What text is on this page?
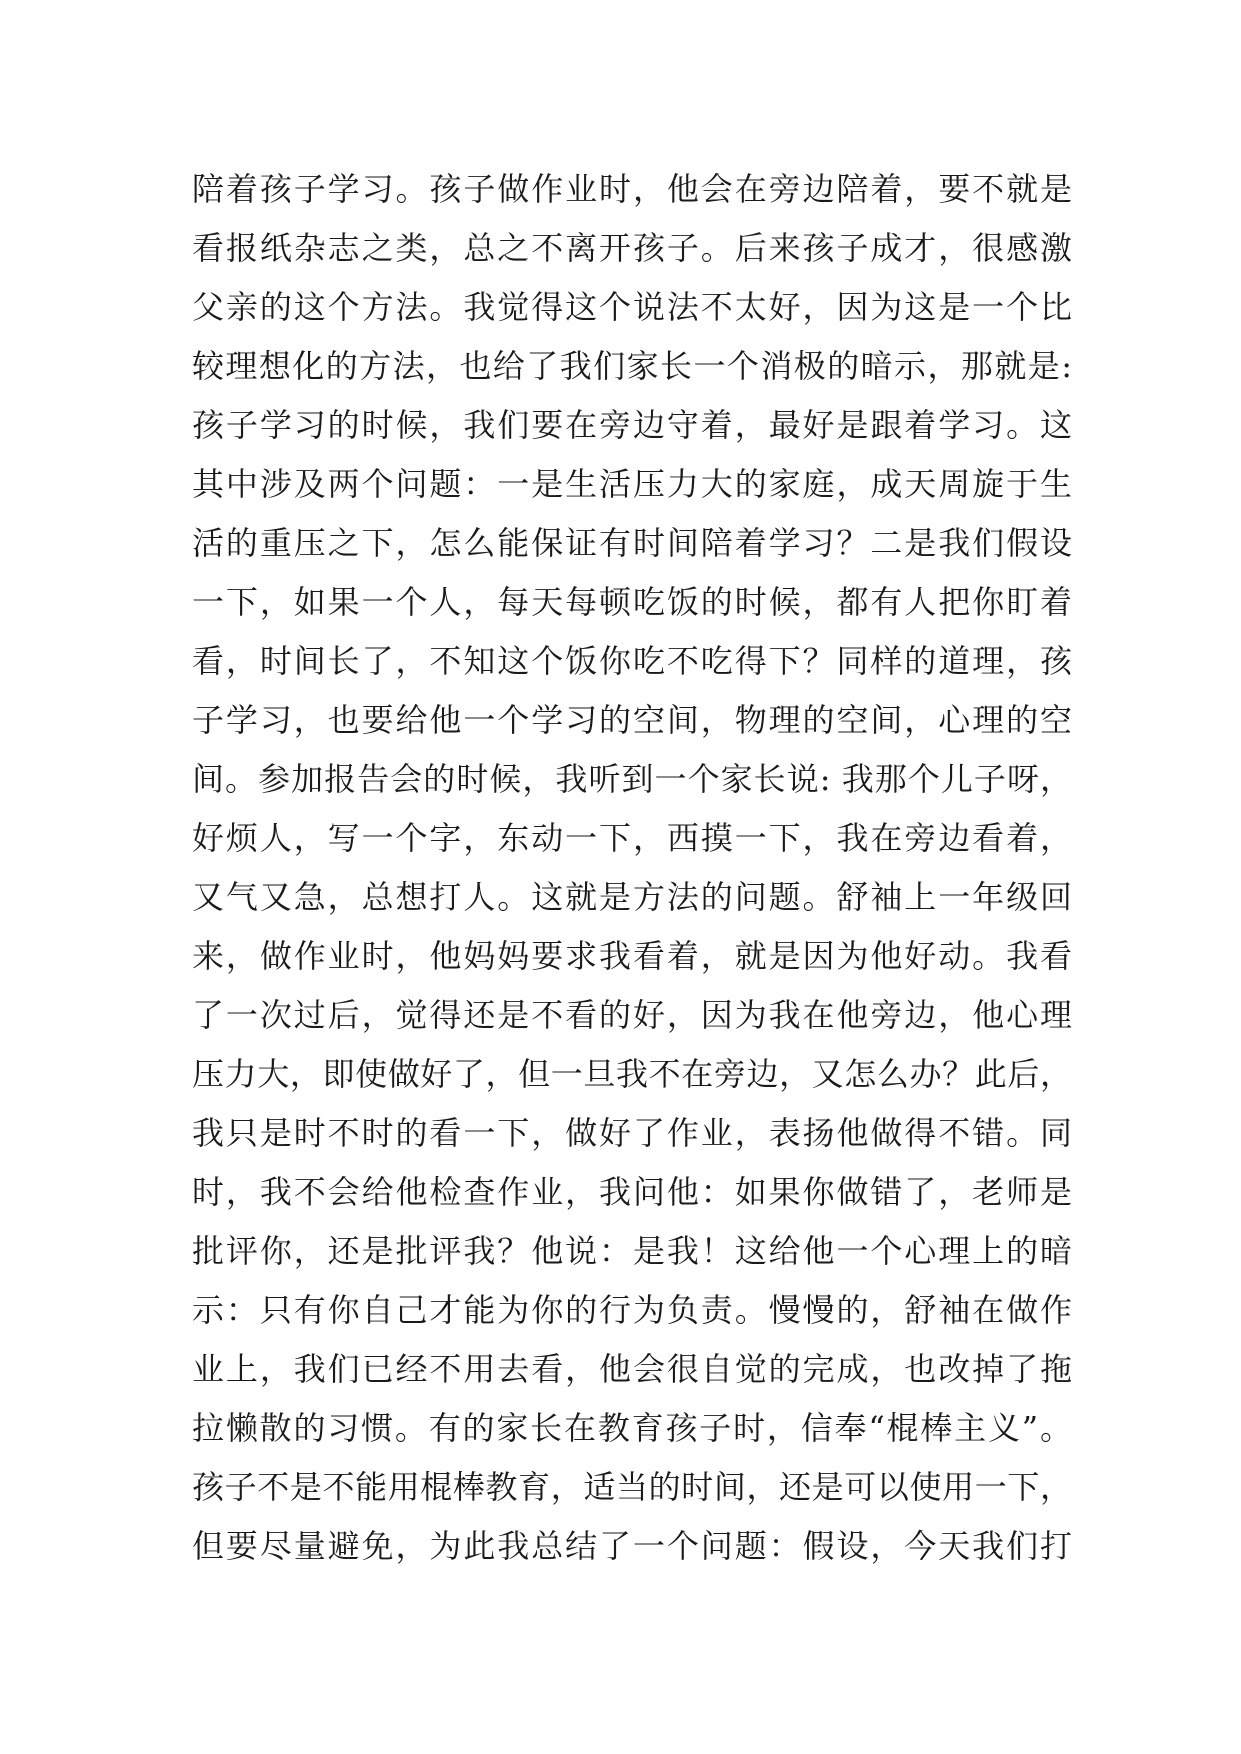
陪着孩子学习。孩子做作业时，他会在旁边陪着，要不就是
看报纸杂志之类，总之不离开孩子。后来孩子成才，很感激
父亲的这个方法。我觉得这个说法不太好，因为这是一个比
较理想化的方法，也给了我们家长一个消极的暗示，那就是:
孩子学习的时候，我们要在旁边守着，最好是跟着学习。这
其中涉及两个问题：一是生活压力大的家庭，成天周旋于生
活的重压之下，怎么能保证有时间陪着学习？二是我们假设
一下，如果一个人，每天每顿吃饭的时候，都有人把你盯着
看，时间长了，不知这个饭你吃不吃得下？同样的道理，孩
子学习，也要给他一个学习的空间，物理的空间，心理的空
间。参加报告会的时候，我听到一个家长说: 我那个儿子呀，
好烦人，写一个字，东动一下，西摸一下，我在旁边看着，
又气又急，总想打人。这就是方法的问题。舒袖上一年级回
来，做作业时，他妈妈要求我看着，就是因为他好动。我看
了一次过后，觉得还是不看的好，因为我在他旁边，他心理
压力大，即使做好了，但一旦我不在旁边，又怎么办？此后，
我只是时不时的看一下，做好了作业，表扬他做得不错。同
时，我不会给他检查作业，我问他：如果你做错了，老师是
批评你，还是批评我？他说：是我！这给他一个心理上的暗
示：只有你自己才能为你的行为负责。慢慢的，舒袖在做作
业上，我们已经不用去看，他会很自觉的完成，也改掉了拖
拉懒散的习惯。有的家长在教育孩子时，信奉“棍棒主义”。
孩子不是不能用棍棒教育，适当的时间，还是可以使用一下，
但要尽量避免，为此我总结了一个问题：假设，今天我们打
